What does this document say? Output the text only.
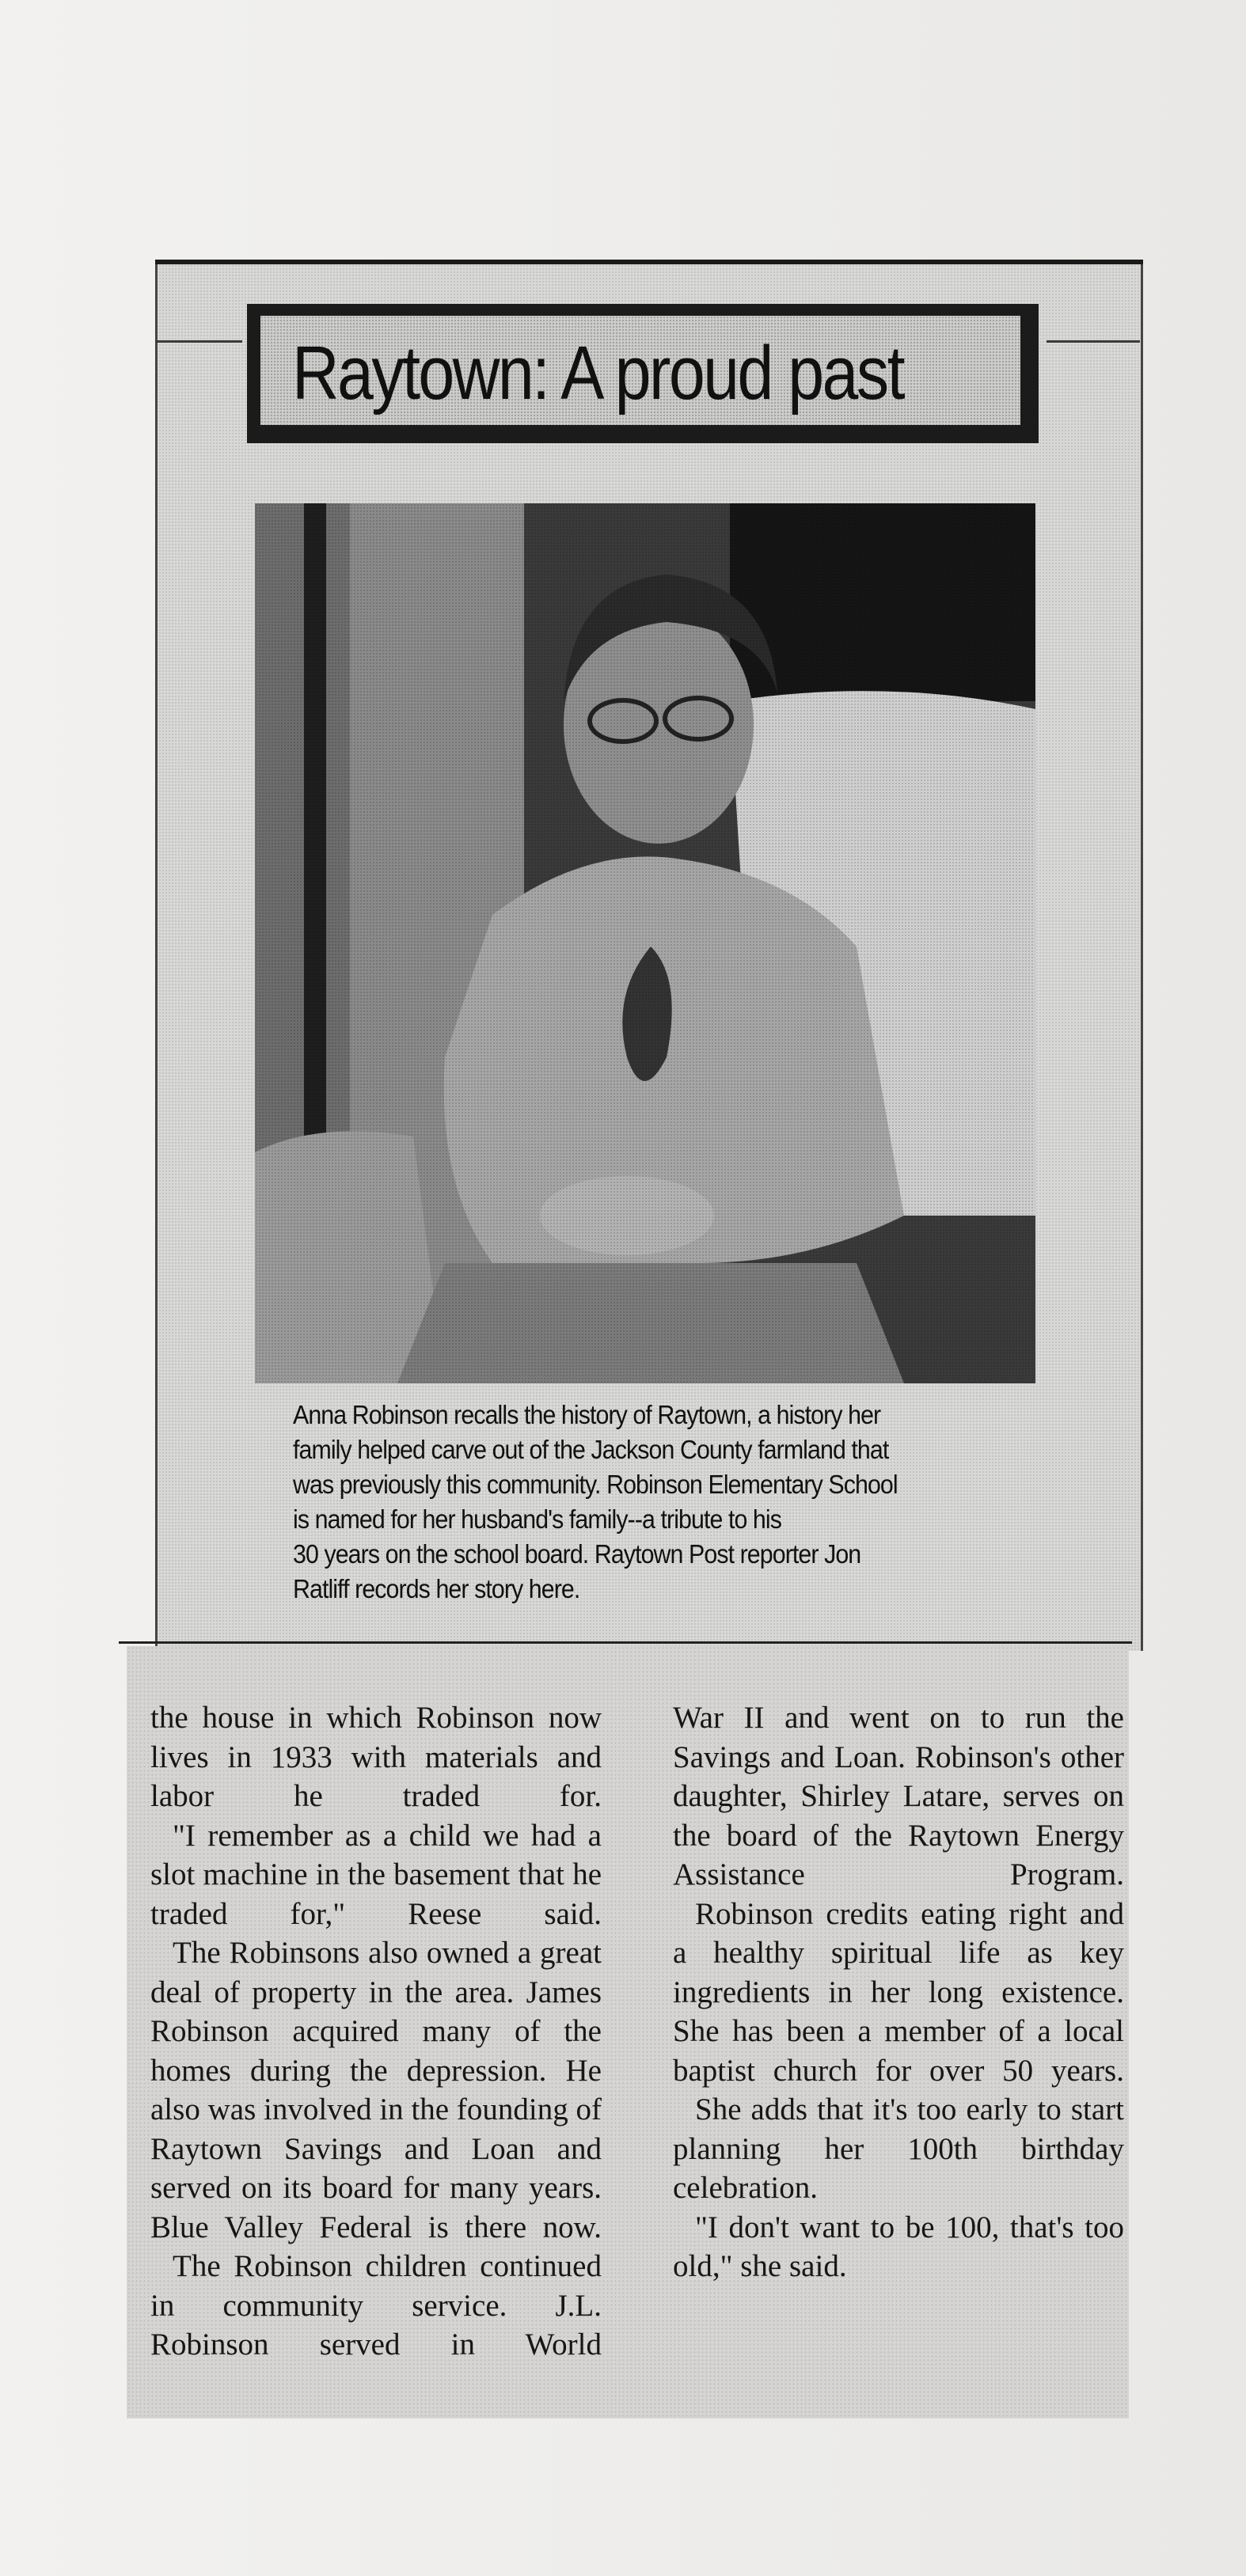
Raytown: A proud past
Anna Robinson recalls the history of Raytown, a history her
family helped carve out of the Jackson County farmland that
was previously this community. Robinson Elementary School
is named for her husband's family--a tribute to his
30 years on the school board. Raytown Post reporter Jon
Ratliff records her story here.

the house in which Robinson now lives in 1933 with materials and labor he traded for.

"I remember as a child we had a slot machine in the basement that he traded for," Reese said.

The Robinsons also owned a great deal of property in the area. James Robinson acquired many of the homes during the depression. He also was involved in the founding of Raytown Savings and Loan and served on its board for many years. Blue Valley Federal is there now.

The Robinson children continued in community service. J.L. Robinson served in World

War II and went on to run the Savings and Loan. Robinson's other daughter, Shirley Latare, serves on the board of the Raytown Energy Assistance Program.

Robinson credits eating right and a healthy spiritual life as key ingredients in her long existence. She has been a member of a local baptist church for over 50 years.

She adds that it's too early to start planning her 100th birthday celebration.

"I don't want to be 100, that's too old," she said.
